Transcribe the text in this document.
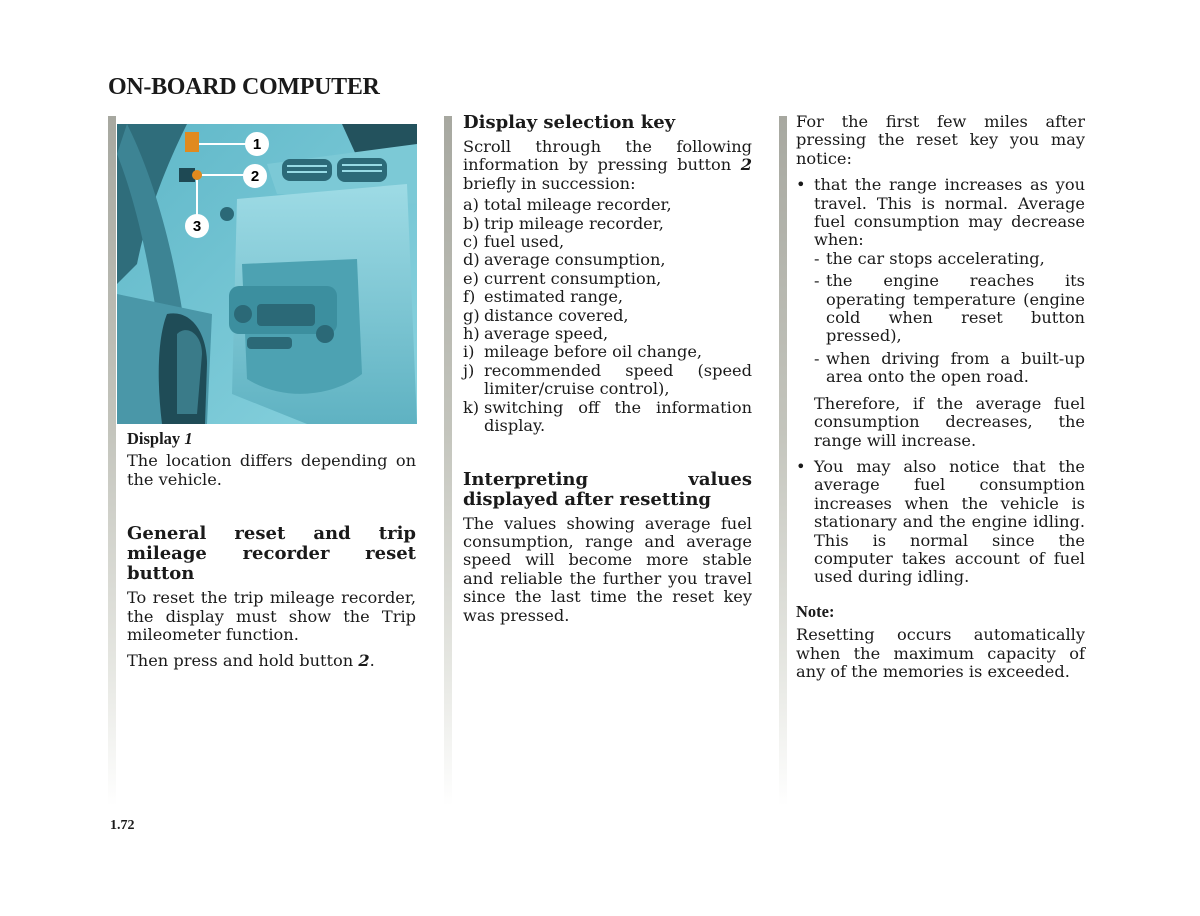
ON-BOARD COMPUTER
1
2
3
Display 1

The location differs depending on the vehicle.

General reset and trip mileage recorder reset button

To reset the trip mileage recorder, the display must show the Trip mileometer function.

Then press and hold button 2.

Display selection key

Scroll through the following information by pressing button 2 briefly in succession:

a) total mileage recorder,
b) trip mileage recorder,
c) fuel used,
d) average consumption,
e) current consumption,
f) estimated range,
g) distance covered,
h) average speed,
i) mileage before oil change,
j) recommended speed (speed limiter/cruise control),
k) switching off the information display.
Interpreting values displayed after resetting

The values showing average fuel consumption, range and average speed will become more stable and reliable the further you travel since the last time the reset key was pressed.

For the first few miles after pressing the reset key you may notice:

• that the range increases as you travel. This is normal. Average fuel consumption may decrease when:

- the car stops accelerating,
- the engine reaches its operating temperature (engine cold when reset button pressed),
- when driving from a built-up area onto the open road.

Therefore, if the average fuel consumption decreases, the range will increase.

• You may also notice that the average fuel consumption increases when the vehicle is stationary and the engine idling. This is normal since the computer takes account of fuel used during idling.

Note:

Resetting occurs automatically when the maximum capacity of any of the memories is exceeded.

1.72
